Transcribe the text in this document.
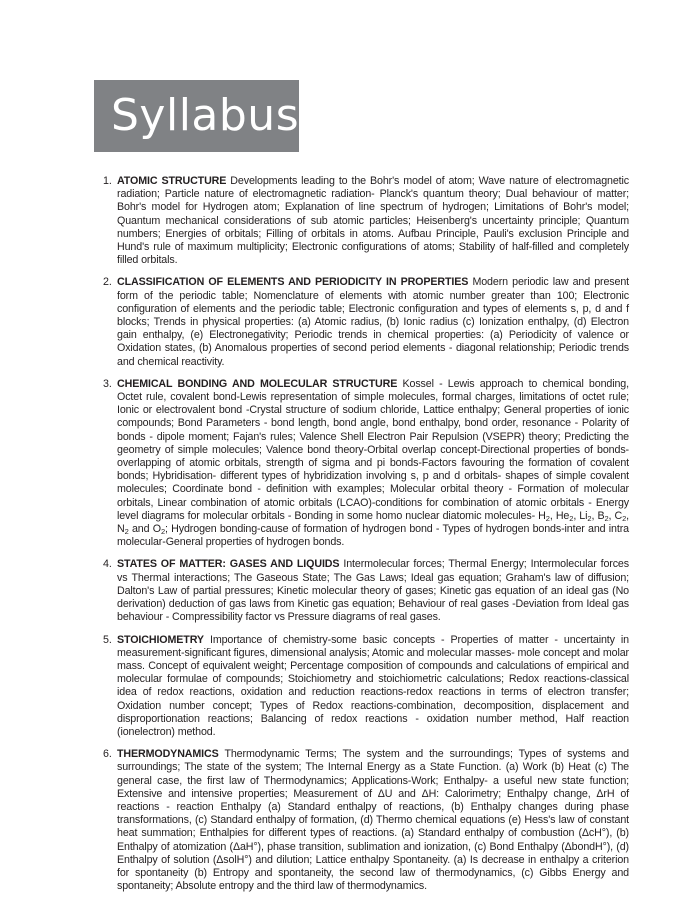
Syllabus
1. ATOMIC STRUCTURE Developments leading to the Bohr's model of atom; Wave nature of electromagnetic radiation; Particle nature of electromagnetic radiation- Planck's quantum theory; Dual behaviour of matter; Bohr's model for Hydrogen atom; Explanation of line spectrum of hydrogen; Limitations of Bohr's model; Quantum mechanical considerations of sub atomic particles; Heisenberg's uncertainty principle; Quantum numbers; Energies of orbitals; Filling of orbitals in atoms. Aufbau Principle, Pauli's exclusion Principle and Hund's rule of maximum multiplicity; Electronic configurations of atoms; Stability of half-filled and completely filled orbitals.
2. CLASSIFICATION OF ELEMENTS AND PERIODICITY IN PROPERTIES Modern periodic law and present form of the periodic table; Nomenclature of elements with atomic number greater than 100; Electronic configuration of elements and the periodic table; Electronic configuration and types of elements s, p, d and f blocks; Trends in physical properties: (a) Atomic radius, (b) Ionic radius (c) Ionization enthalpy, (d) Electron gain enthalpy, (e) Electronegativity; Periodic trends in chemical properties: (a) Periodicity of valence or Oxidation states, (b) Anomalous properties of second period elements - diagonal relationship; Periodic trends and chemical reactivity.
3. CHEMICAL BONDING AND MOLECULAR STRUCTURE Kossel - Lewis approach to chemical bonding, Octet rule, covalent bond-Lewis representation of simple molecules, formal charges, limitations of octet rule; Ionic or electrovalent bond -Crystal structure of sodium chloride, Lattice enthalpy; General properties of ionic compounds; Bond Parameters - bond length, bond angle, bond enthalpy, bond order, resonance - Polarity of bonds - dipole moment; Fajan's rules; Valence Shell Electron Pair Repulsion (VSEPR) theory; Predicting the geometry of simple molecules; Valence bond theory-Orbital overlap concept-Directional properties of bonds-overlapping of atomic orbitals, strength of sigma and pi bonds-Factors favouring the formation of covalent bonds; Hybridisation- different types of hybridization involving s, p and d orbitals- shapes of simple covalent molecules; Coordinate bond - definition with examples; Molecular orbital theory - Formation of molecular orbitals, Linear combination of atomic orbitals (LCAO)-conditions for combination of atomic orbitals - Energy level diagrams for molecular orbitals - Bonding in some homo nuclear diatomic molecules- $H_2$, $He_2$, $Li_2$, $B_2$, $C_2$, $N_2$ and $O_2$; Hydrogen bonding-cause of formation of hydrogen bond - Types of hydrogen bonds-inter and intra molecular-General properties of hydrogen bonds.
4. STATES OF MATTER: GASES AND LIQUIDS Intermolecular forces; Thermal Energy; Intermolecular forces vs Thermal interactions; The Gaseous State; The Gas Laws; Ideal gas equation; Graham's law of diffusion; Dalton's Law of partial pressures; Kinetic molecular theory of gases; Kinetic gas equation of an ideal gas (No derivation) deduction of gas laws from Kinetic gas equation; Behaviour of real gases -Deviation from Ideal gas behaviour - Compressibility factor vs Pressure diagrams of real gases.
5. STOICHIOMETRY Importance of chemistry-some basic concepts - Properties of matter - uncertainty in measurement-significant figures, dimensional analysis; Atomic and molecular masses- mole concept and molar mass. Concept of equivalent weight; Percentage composition of compounds and calculations of empirical and molecular formulae of compounds; Stoichiometry and stoichiometric calculations; Redox reactions-classical idea of redox reactions, oxidation and reduction reactions-redox reactions in terms of electron transfer; Oxidation number concept; Types of Redox reactions-combination, decomposition, displacement and disproportionation reactions; Balancing of redox reactions - oxidation number method, Half reaction (ionelectron) method.
6. THERMODYNAMICS Thermodynamic Terms; The system and the surroundings; Types of systems and surroundings; The state of the system; The Internal Energy as a State Function. (a) Work (b) Heat (c) The general case, the first law of Thermodynamics; Applications-Work; Enthalpy- a useful new state function; Extensive and intensive properties; Measurement of ΔU and ΔH: Calorimetry; Enthalpy change, ΔrH of reactions - reaction Enthalpy (a) Standard enthalpy of reactions, (b) Enthalpy changes during phase transformations, (c) Standard enthalpy of formation, (d) Thermo chemical equations (e) Hess's law of constant heat summation; Enthalpies for different types of reactions. (a) Standard enthalpy of combustion (ΔcH°), (b) Enthalpy of atomization (ΔaH°), phase transition, sublimation and ionization, (c) Bond Enthalpy (ΔbondH°), (d) Enthalpy of solution (ΔsolH°) and dilution; Lattice enthalpy Spontaneity. (a) Is decrease in enthalpy a criterion for spontaneity (b) Entropy and spontaneity, the second law of thermodynamics, (c) Gibbs Energy and spontaneity; Absolute entropy and the third law of thermodynamics.
